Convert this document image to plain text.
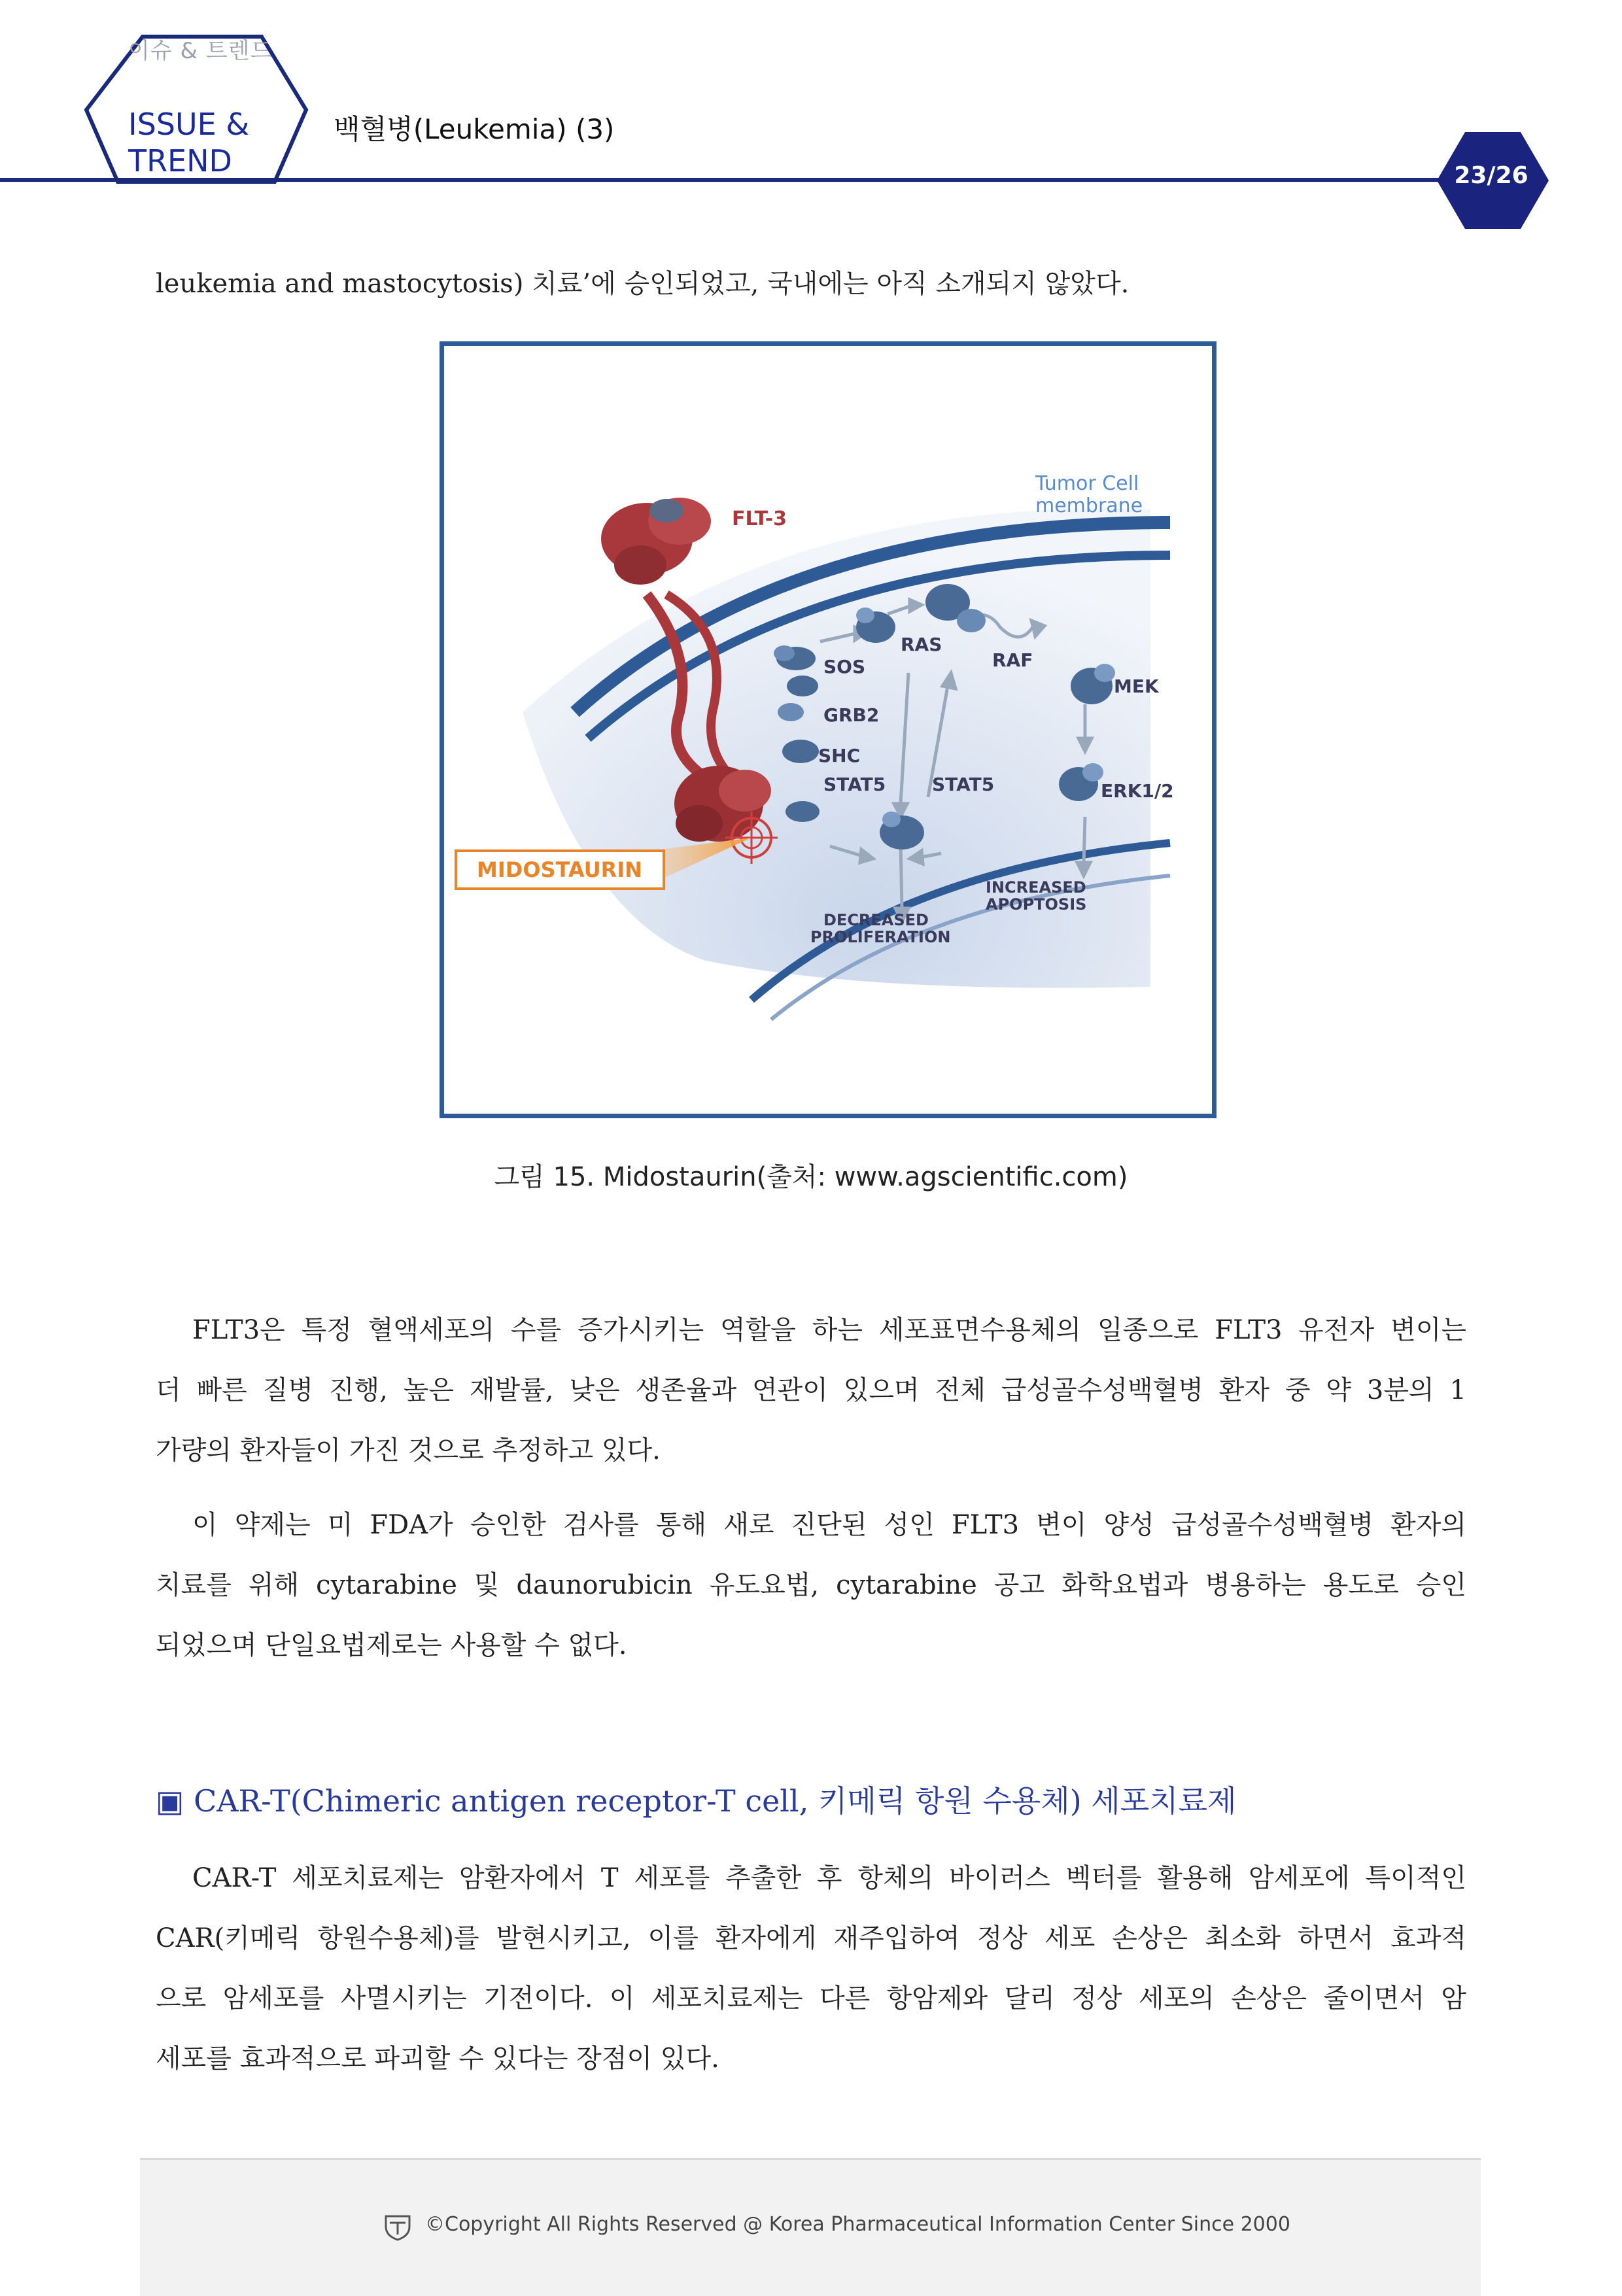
이슈 & 트렌드
ISSUE &
TREND
백혈병(Leukemia) (3)
23/26
leukemia and mastocytosis) 치료’에 승인되었고, 국내에는 아직 소개되지 않았다.
FLT-3
Tumor Cell
membrane
RAS
RAF
SOS
MEK
GRB2
SHC
STAT5	STAT5	ERK1/2
MIDOSTAURIN
INCREASED
APOPTOSIS
DECREASED
PROLIFERATION
그림 15. Midostaurin(출처: www.agscientific.com)
FLT3은 특정 혈액세포의 수를 증가시키는 역할을 하는 세포표면수용체의 일종으로 FLT3 유전자 변이는
더 빠른 질병 진행, 높은 재발률, 낮은 생존율과 연관이 있으며 전체 급성골수성백혈병 환자 중 약 3분의 1
가량의 환자들이 가진 것으로 추정하고 있다.
이 약제는 미 FDA가 승인한 검사를 통해 새로 진단된 성인 FLT3 변이 양성 급성골수성백혈병 환자의
치료를 위해 cytarabine 및 daunorubicin 유도요법, cytarabine 공고 화학요법과 병용하는 용도로 승인
되었으며 단일요법제로는 사용할 수 없다.
▣ CAR-T(Chimeric antigen receptor-T cell, 키메릭 항원 수용체) 세포치료제
CAR-T 세포치료제는 암환자에서 T 세포를 추출한 후 항체의 바이러스 벡터를 활용해 암세포에 특이적인
CAR(키메릭 항원수용체)를 발현시키고, 이를 환자에게 재주입하여 정상 세포 손상은 최소화 하면서 효과적
으로 암세포를 사멸시키는 기전이다. 이 세포치료제는 다른 항암제와 달리 정상 세포의 손상은 줄이면서 암
세포를 효과적으로 파괴할 수 있다는 장점이 있다.
©Copyright All Rights Reserved @ Korea Pharmaceutical Information Center Since 2000
